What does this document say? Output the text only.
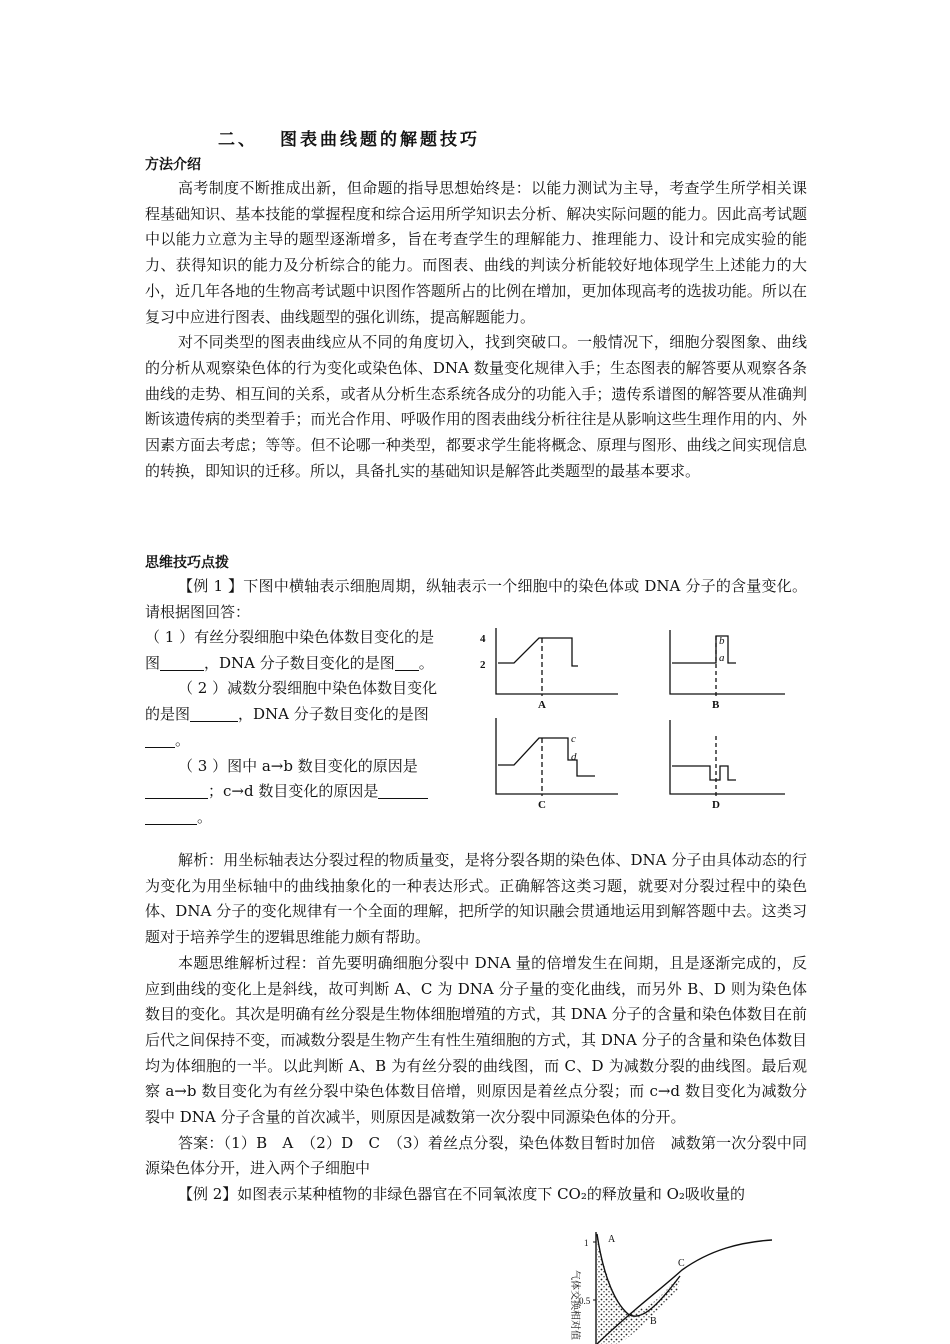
二、 图表曲线题的解题技巧
方法介绍

高考制度不断推成出新，但命题的指导思想始终是：以能力测试为主导，考查学生所学相关课程基础知识、基本技能的掌握程度和综合运用所学知识去分析、解决实际问题的能力。因此高考试题中以能力立意为主导的题型逐渐增多，旨在考查学生的理解能力、推理能力、设计和完成实验的能力、获得知识的能力及分析综合的能力。而图表、曲线的判读分析能较好地体现学生上述能力的大小，近几年各地的生物高考试题中识图作答题所占的比例在增加，更加体现高考的选拔功能。所以在复习中应进行图表、曲线题型的强化训练，提高解题能力。

对不同类型的图表曲线应从不同的角度切入，找到突破口。一般情况下，细胞分裂图象、曲线的分析从观察染色体的行为变化或染色体、DNA 数量变化规律入手；生态图表的解答要从观察各条曲线的走势、相互间的关系，或者从分析生态系统各成分的功能入手；遗传系谱图的解答要从准确判断该遗传病的类型着手；而光合作用、呼吸作用的图表曲线分析往往是从影响这些生理作用的内、外因素方面去考虑；等等。但不论哪一种类型，都要求学生能将概念、原理与图形、曲线之间实现信息的转换，即知识的迁移。所以，具备扎实的基础知识是解答此类题型的最基本要求。

思维技巧点拨

【例 1 】下图中横轴表示细胞周期，纵轴表示一个细胞中的染色体或 DNA 分子的含量变化。请根据图回答：

（ 1 ）有丝分裂细胞中染色体数目变化的是图	，DNA 分子数目变化的是图 。

（ 2 ）减数分裂细胞中染色体数目变化的是图	，DNA 分子数目变化的是图。

（ 3 ）图中 a→b 数目变化的原因是；c→d 数目变化的原因是。

4
2
A	B
C	D
b
a
c
d

解析：用坐标轴表达分裂过程的物质量变，是将分裂各期的染色体、DNA 分子由具体动态的行为变化为用坐标轴中的曲线抽象化的一种表达形式。正确解答这类习题，就要对分裂过程中的染色体、DNA 分子的变化规律有一个全面的理解，把所学的知识融会贯通地运用到解答题中去。这类习题对于培养学生的逻辑思维能力颇有帮助。

本题思维解析过程：首先要明确细胞分裂中 DNA 量的倍增发生在间期，且是逐渐完成的，反应到曲线的变化上是斜线，故可判断 A、C 为 DNA 分子量的变化曲线，而另外 B、D 则为染色体数目的变化。其次是明确有丝分裂是生物体细胞增殖的方式，其 DNA 分子的含量和染色体数目在前后代之间保持不变，而减数分裂是生物产生有性生殖细胞的方式，其 DNA 分子的含量和染色体数目均为体细胞的一半。以此判断 A、B 为有丝分裂的曲线图，而 C、D 为减数分裂的曲线图。最后观察 a→b 数目变化为有丝分裂中染色体数目倍增，则原因是着丝点分裂；而 c→d 数目变化为减数分裂中 DNA 分子含量的首次减半，则原因是减数第一次分裂中同源染色体的分开。

答案：（1）B　A　（2）D　C　（3）着丝点分裂，染色体数目暂时加倍　减数第一次分裂中同源染色体分开，进入两个子细胞中

【例 2】如图表示某种植物的非绿色器官在不同氧浓度下 CO₂的释放量和 O₂吸收量的

气体交换相对值
1
0.5
A
B
C
